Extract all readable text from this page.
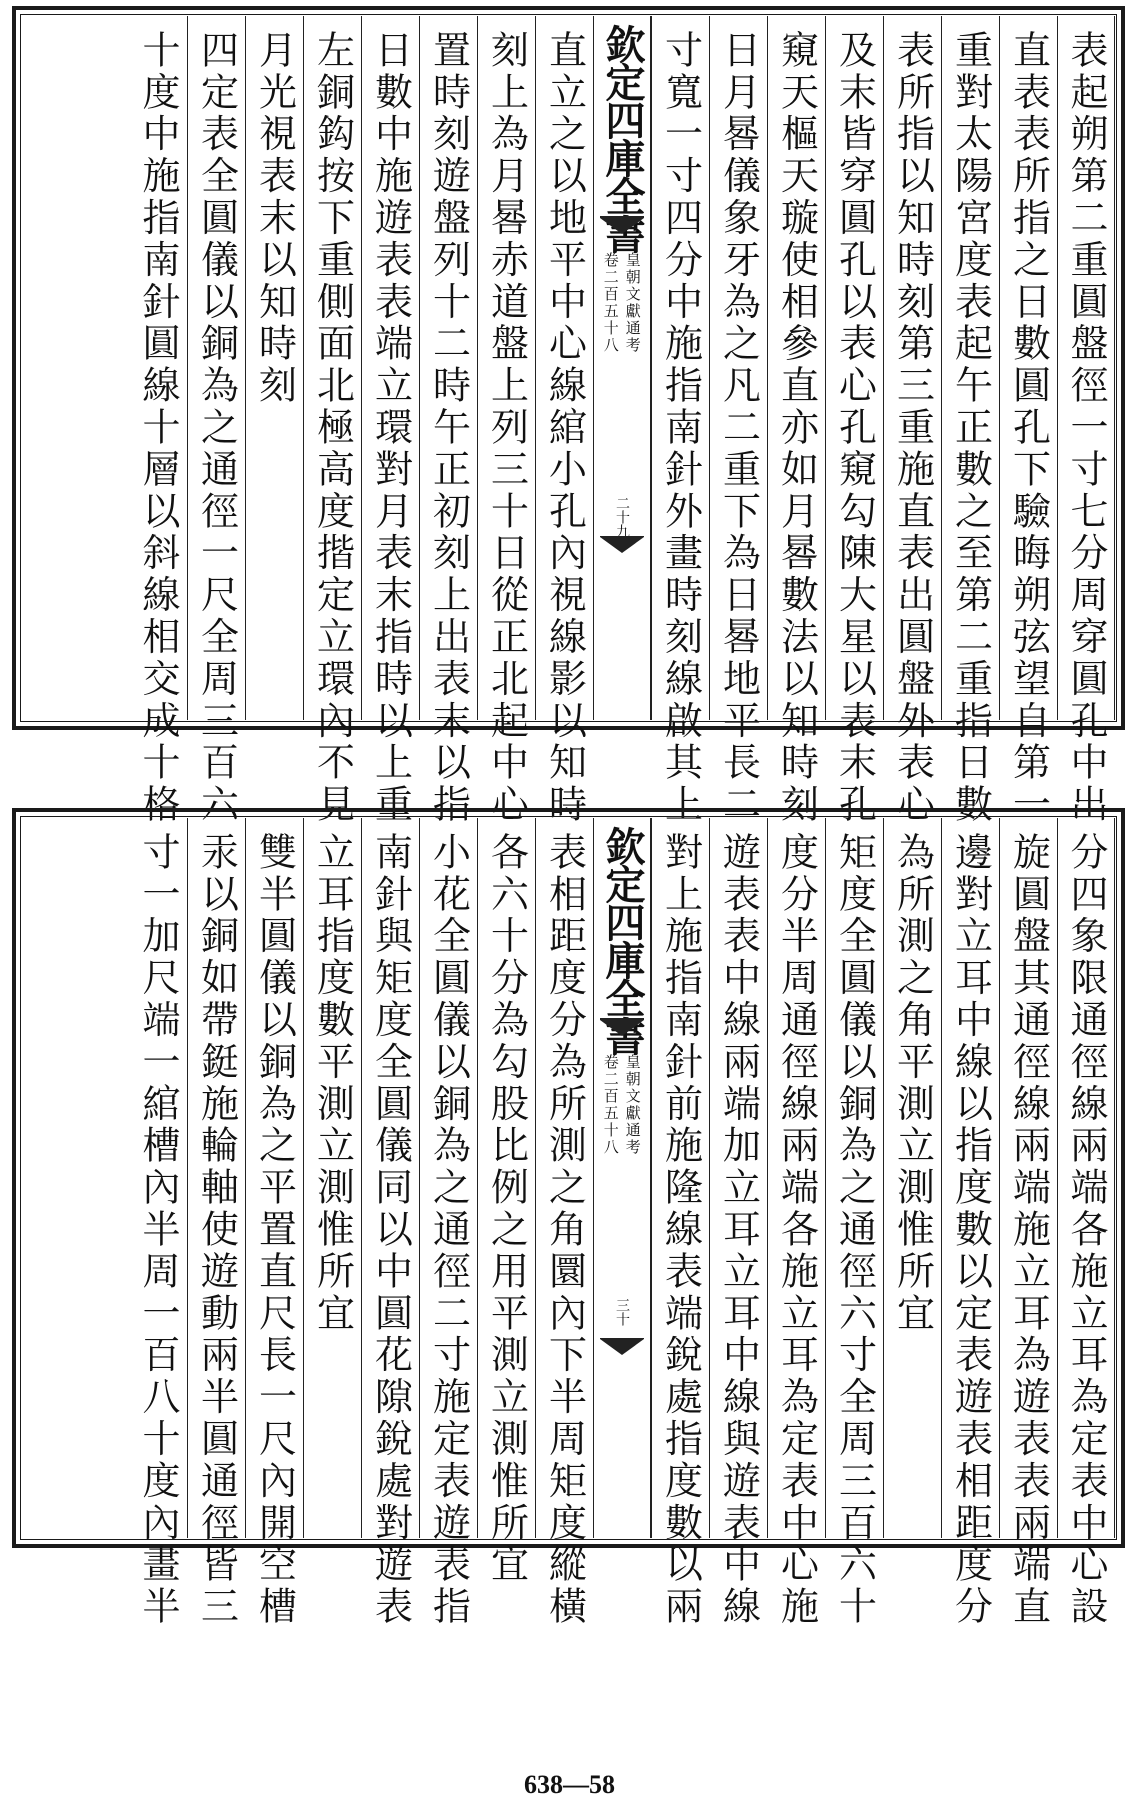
表起朔第二重圓盤徑一寸七分周穿圓孔中出
直表表所指之日數圓孔下驗晦朔弦望自第一
重對太陽宮度表起午正數之至第二重指日數
表所指以知時刻第三重施直表出圓盤外表心
及末皆穿圓孔以表心孔窺勾陳大星以表末孔
窺天樞天璇使相參直亦如月晷數法以知時刻
日月晷儀象牙為之凡二重下為日晷地平長二
寸寬一寸四分中施指南針外畫時刻線啟其上
欽定四庫全書
皇朝文獻通考
卷二百五十八
二十九
直立之以地平中心線綰小孔內視線影以知時
刻上為月晷赤道盤上列三十日從正北起中心
置時刻遊盤列十二時午正初刻上出表末以指
日數中施遊表表端立環對月表末指時以上重
左銅鈎按下重側面北極高度揩定立環內不見
月光視表末以知時刻
四定表全圓儀以銅為之通徑一尺全周三百六
十度中施指南針圓線十層以斜線相交成十格
分四象限通徑線兩端各施立耳為定表中心設
旋圓盤其通徑線兩端施立耳為遊表表兩端直
邊對立耳中線以指度數以定表遊表相距度分
為所測之角平測立測惟所宜
矩度全圓儀以銅為之通徑六寸全周三百六十
度分半周通徑線兩端各施立耳為定表中心施
遊表表中線兩端加立耳立耳中線與遊表中線
對上施指南針前施隆線表端銳處指度數以兩
欽定四庫全書
皇朝文獻通考
卷二百五十八
三十
表相距度分為所測之角圜內下半周矩度縱橫
各六十分為勾股比例之用平測立測惟所宜
小花全圓儀以銅為之通徑二寸施定表遊表指
南針與矩度全圓儀同以中圓花隙銳處對遊表
立耳指度數平測立測惟所宜
雙半圓儀以銅為之平置直尺長一尺內開空槽
汞以銅如帶鋌施輪軸使遊動兩半圓通徑皆三
寸一加尺端一綰槽內半周一百八十度內畫半
638—58
